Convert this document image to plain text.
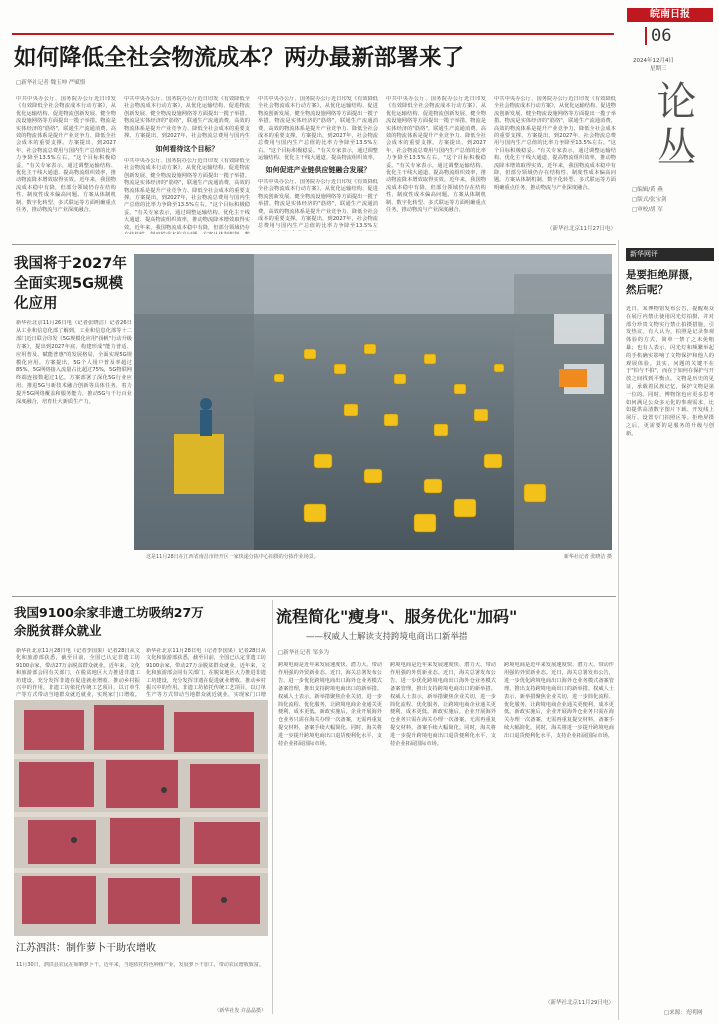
皖南日报
06
2024年12月4日
星期三
论丛
□编辑/黄 燕
□版式/张宝剑
□审校/胡 军
如何降低全社会物流成本？两办最新部署来了
□新华社记者 魏玉坤 严赋憬
中共中央办公厅、国务院办公厅近日印发《有效降低全社会物流成本行动方案》，从优化运输结构、促进物流创新发展、健全物流设施网络等方面提出一揽子举措。物流是实体经济的"筋络"，联通生产流通消费，高效的物流体系是提升产业竞争力、降低全社会成本的重要支撑。方案提出，到2027年，社会物流总费用与国内生产总值的比率力争降至13.5%左右。"这个目标积极稳妥。"有关专家表示，通过调整运输结构、优化主干线大通道、提高物流组织效率，推动物流降本增效取得实效。近年来，我国物流成本稳中有降，但部分领域仍存在结构性、制度性成本偏高问题。方案从体制机制、数字化转型、多式联运等方面明确重点任务，推动物流与产业深度融合。
中共中央办公厅、国务院办公厅近日印发《有效降低全社会物流成本行动方案》，从优化运输结构、促进物流创新发展、健全物流设施网络等方面提出一揽子举措。物流是实体经济的"筋络"，联通生产流通消费，高效的物流体系是提升产业竞争力、降低全社会成本的重要支撑。方案提出，到2027年，社会物流总费用与国内生
如何看待这个目标？
中共中央办公厅、国务院办公厅近日印发《有效降低全社会物流成本行动方案》，从优化运输结构、促进物流创新发展、健全物流设施网络等方面提出一揽子举措。物流是实体经济的"筋络"，联通生产流通消费，高效的物流体系是提升产业竞争力、降低全社会成本的重要支撑。方案提出，到2027年，社会物流总费用与国内生产总值的比率力争降至13.5%左右。"这个目标积极稳妥。"有关专家表示，通过调整运输结构、优化主干线大通道、提高物流组织效率，推动物流降本增效取得实效。近年来，我国物流成本稳中有降，但部分领域仍存
中共中央办公厅、国务院办公厅近日印发《有效降低全社会物流成本行动方案》，从优化运输结构、促进物流创新发展、健全物流设施网络等方面提出一揽子举措。物流是实体经济的"筋络"，联通生产流通消费，高效的物流体系是提升产业竞争力、降低全社会成本的重要支撑。方案提出，到2027年，社会物流总费用与国内生产总值的比率力争降至13.5%左右。"这个目标积极稳妥。"有关专家表示，通过调整运输结构、优化主干线大通道、提高物流组织效率，
如何促进产业链供应链融合发展？
中共中央办公厅、国务院办公厅近日印发《有效降低全社会物流成本行动方案》，从优化运输结构、促进物流创新发展、健全物流设施网络等方面提出一揽子举措。物流是实体经济的"筋络"，联通生产流通消费，高效的物流体系是提升产业竞争力、降低全社会成本的重要支撑。方案提出，到2027年，社会物流总费用与国内生产总值的比率力争降至13.5%左
中共中央办公厅、国务院办公厅近日印发《有效降低全社会物流成本行动方案》，从优化运输结构、促进物流创新发展、健全物流设施网络等方面提出一揽子举措。物流是实体经济的"筋络"，联通生产流通消费，高效的物流体系是提升产业竞争力、降低全社会成本的重要支撑。方案提出，到2027年，社会物流总费用与国内生产总值的比率力争降至13.5%左右。"这个目标积极稳妥。"有关专家表示，通过调整运输结构、优化主干线大通道、提高物流组织效率，推动物流降本增效取得实效。近年来，我国物流成本稳中有降，但部分领域仍存在结构性、制度性成本偏高问题。方案从体制机制、数字化转型、多式联运等方面明确重点任务，推动物流与产业深度融合。
中共中央办公厅、国务院办公厅近日印发《有效降低全社会物流成本行动方案》，从优化运输结构、促进物流创新发展、健全物流设施网络等方面提出一揽子举措。物流是实体经济的"筋络"，联通生产流通消费，高效的物流体系是提升产业竞争力、降低全社会成本的重要支撑。方案提出，到2027年，社会物流总费用与国内生产总值的比率力争降至13.5%左右。"这个目标积极稳妥。"有关专家表示，通过调整运输结构、优化主干线大通道、提高物流组织效率，推动物流降本增效取得实效。近年来，我国物流成本稳中有降，但部分领域仍存在结构性、制度性成本偏高问题。方案从体制机制、数字化转型、多式联运等方面明确重点任务，推动物流与产业深度融合。
（新华社北京11月27日电）
我国将于2027年
全面实现5G规模
化应用
新华社北京11月26日电（记者张晓洁）记者26日从工业和信息化部了解到，工业和信息化部等十二部门近日联合印发《5G规模化应用"扬帆"行动升级方案》，提出到2027年底，构建形成"能力普适、应用普及、赋能普惠"的发展格局，全面实现5G规模化应用。方案提出，5G个人用户普及率超过85%，5G网络接入流量占比超过75%，5G物联网终端连接数超过1亿。方案部署了深化5G行业应用、推进5G与新技术融合创新等具体任务，着力提升5G网络覆盖和服务能力，推动5G与千行百业深度融合，培育壮大新质生产力。
这是11月28日在江西省南昌市经开区一家快递分拣中心拍摄的分拣作业场景。	新华社记者 张晓洁 摄
新华网评
是要拒绝屏摄，
然后呢？
近日，某博物馆发布公告，提醒观众在展厅内禁止使用闪光灯拍摄，并对部分珍贵文物实行禁止拍摄措施，引发热议。有人认为，拍照是记录参观体验的方式，简单一禁了之未免粗暴；也有人表示，闪光灯和频繁举起的手机确实影响了文物保护和他人的观展体验。其实，问题的关键不在于"拍与不拍"，而在于如何在保护与开放之间找到平衡点。文物是历史的见证，承载着民族记忆，保护文物是第一位的。同时，博物馆也应更多思考如何满足公众多元化的参观需求，比如提供高清数字图片下载、开发线上展厅、设置专门拍照区等。拒绝屏摄之后，更需要的是服务的升级与创新。
□来源：光明网
我国9100余家非遗工坊吸纳27万
余脱贫群众就业
新华社北京11月28日电（记者李国果）记者28日从文化和旅游部获悉，截至目前，全国已认定非遗工坊9100余家，带动27万余脱贫群众就业。近年来，文化和旅游部会同有关部门，在脱贫地区大力推进非遗工坊建设，充分发挥非遗在促进就业增收、推动乡村振兴中的作用。非遗工坊依托传统工艺项目，以订单生产等方式带动当地群众就近就业，实现家门口增收。
新华社北京11月28日电（记者李国果）记者28日从文化和旅游部获悉，截至目前，全国已认定非遗工坊9100余家，带动27万余脱贫群众就业。近年来，文化和旅游部会同有关部门，在脱贫地区大力推进非遗工坊建设，充分发挥非遗在促进就业增收、推动乡村振兴中的作用。非遗工坊依托传统工艺项目，以订单生产等方式带动当地群众就近就业，实现家门口增
江苏泗洪：制作萝卜干助农增收
11月30日，泗洪县农民在晾晒萝卜干。近年来，当地依托特色种植产业，发展萝卜干加工，带动农民增收致富。
（新华社发 许晶晶摄）
流程简化"瘦身"、服务优化"加码"
——权威人士解读支持跨境电商出口新举措
□新华社记者 邹多为
跨境电商是近年来发展速度快、潜力大、带动作用强的外贸新业态。近日，海关总署发布公告，进一步优化跨境电商出口海外仓业务模式备案管理，推出支持跨境电商出口的新举措。权威人士表示，新举措聚焦企业关切，进一步简化流程、优化服务，让跨境电商企业通关更便利、成本更低。新政实施后，企业开展海外仓业务只需在海关办理一次备案，无需再重复提交材料，备案手续大幅简化。同时，海关将进一步提升跨境电商出口退货便利化水平，支持企业拓展国际市场。
跨境电商是近年来发展速度快、潜力大、带动作用强的外贸新业态。近日，海关总署发布公告，进一步优化跨境电商出口海外仓业务模式备案管理，推出支持跨境电商出口的新举措。权威人士表示，新举措聚焦企业关切，进一步简化流程、优化服务，让跨境电商企业通关更便利、成本更低。新政实施后，企业开展海外仓业务只需在海关办理一次备案，无需再重复提交材料，备案手续大幅简化。同时，海关将进一步提升跨境电商出口退货便利化水平，支持企业拓展国际市场。
跨境电商是近年来发展速度快、潜力大、带动作用强的外贸新业态。近日，海关总署发布公告，进一步优化跨境电商出口海外仓业务模式备案管理，推出支持跨境电商出口的新举措。权威人士表示，新举措聚焦企业关切，进一步简化流程、优化服务，让跨境电商企业通关更便利、成本更低。新政实施后，企业开展海外仓业务只需在海关办理一次备案，无需再重复提交材料，备案手续大幅简化。同时，海关将进一步提升跨境电商出口退货便利化水平，支持企业拓展国际市场。
（新华社北京11月29日电）
